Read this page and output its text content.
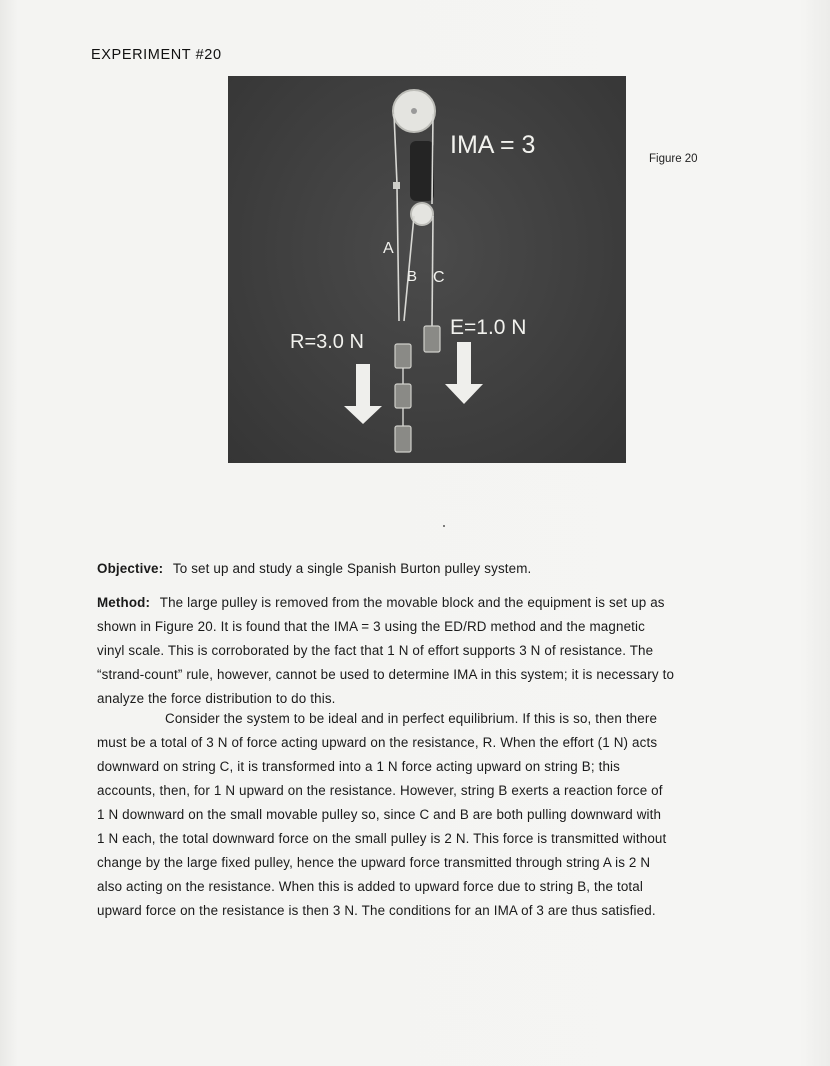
EXPERIMENT #20
IMA = 3
A
B C
R=3.0 N
E=1.0 N
Figure 20
Objective: To set up and study a single Spanish Burton pulley system.
Method: The large pulley is removed from the movable block and the equipment is set up as
shown in Figure 20. It is found that the IMA = 3 using the ED/RD method and the magnetic
vinyl scale. This is corroborated by the fact that 1 N of effort supports 3 N of resistance. The
“strand-count” rule, however, cannot be used to determine IMA in this system; it is necessary to
analyze the force distribution to do this.
Consider the system to be ideal and in perfect equilibrium. If this is so, then there
must be a total of 3 N of force acting upward on the resistance, R. When the effort (1 N) acts
downward on string C, it is transformed into a 1 N force acting upward on string B; this
accounts, then, for 1 N upward on the resistance. However, string B exerts a reaction force of
1 N downward on the small movable pulley so, since C and B are both pulling downward with
1 N each, the total downward force on the small pulley is 2 N. This force is transmitted without
change by the large fixed pulley, hence the upward force transmitted through string A is 2 N
also acting on the resistance. When this is added to upward force due to string B, the total
upward force on the resistance is then 3 N. The conditions for an IMA of 3 are thus satisfied.
